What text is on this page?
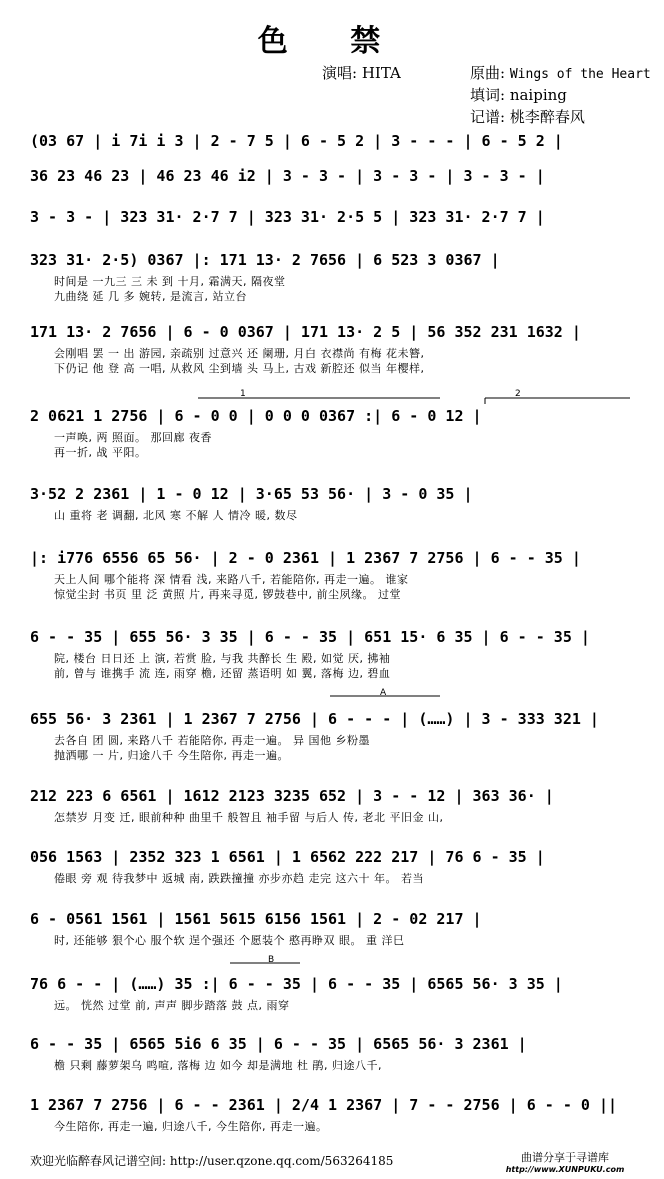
色 禁
演唱: HITA	原曲: Wings of the Heart
填词: naiping
记谱: 桃李醉春风
(03 67 | i 7i i 3 | 2 - 7 5 | 6 - 5 2 | 3 - - - | 6 - 5 2 |
36 23 46 23 | 46 23 46 i2 | 3 - 3 - | 3 - 3 - | 3 - 3 - |
3 - 3 - | 323 31· 2·7 7 | 323 31· 2·5 5 | 323 31· 2·7 7 |
323 31· 2·5) 0367 |: 171 13· 2 7656 | 6 523 3 0367 |
时间是 一九三 三 未 到 十月, 霜满天, 隔夜堂
九曲绕 延 几 多 婉转, 是流言, 站立台
171 13· 2 7656 | 6 - 0 0367 | 171 13· 2 5 | 56 352 231 1632 |
会刚唱 罢 一 出 游园, 亲疏别 过意兴 还 阑珊, 月白 衣襟尚 有梅 花未簪,
下仍记 他 登 高 一唱, 从救风 尘到墙 头 马上, 古戏 新腔还 似当 年樱样,
2 0621 1 2756 | 6 - 0 0 | 0 0 0 0367 :| 6 - 0 12 |
一声唤, 两 照面。 那回廊 夜香
再一折, 战 平阳。
3·52 2 2361 | 1 - 0 12 | 3·65 53 56· | 3 - 0 35 |
山 重将 老 调翻, 北风 寒 不解 人 情冷 暖, 数尽
|: i776 6556 65 56· | 2 - 0 2361 | 1 2367 7 2756 | 6 - - 35 |
天上人间 哪个能将 深 情看 浅, 来路八千, 若能陪你, 再走一遍。 谁家
惊觉尘封 书页 里 泛 黄照 片, 再来寻觅, 锣鼓巷中, 前尘夙缘。 过堂
6 - - 35 | 655 56· 3 35 | 6 - - 35 | 651 15· 6 35 | 6 - - 35 |
院, 楼台 日日还 上 演, 若赏 脸, 与我 共醉长 生 殿, 如觉 厌, 拂袖
前, 曾与 谁携手 流 连, 雨穿 檐, 还留 蒸语明 如 翼, 落梅 边, 碧血
655 56· 3 2361 | 1 2367 7 2756 | 6 - - - | (……) | 3 - 333 321 |
去各自 团 圆, 来路八千 若能陪你, 再走一遍。 异 国他 乡粉墨
抛洒哪 一 片, 归途八千 今生陪你, 再走一遍。
212 223 6 6561 | 1612 2123 3235 652 | 3 - - 12 | 363 36· |
怎禁岁 月变 迁, 眼前种种 曲里千 般智且 袖手留 与后人 传, 老北 平旧金 山,
056 1563 | 2352 323 1 6561 | 1 6562 222 217 | 76 6 - 35 |
倦眼 旁 观 待我梦中 返城 南, 跌跌撞撞 亦步亦趋 走完 这六十 年。 若当
6 - 0561 1561 | 1561 5615 6156 1561 | 2 - 02 217 |
时, 还能够 狠个心 服个软 逞个强还 个愿装个 憨再睁双 眼。 重 洋巳
76 6 - - | (……) 35 :| 6 - - 35 | 6 - - 35 | 6565 56· 3 35 |
远。 恍然 过堂 前, 声声 脚步踏落 鼓 点, 雨穿
6 - - 35 | 6565 5i6 6 35 | 6 - - 35 | 6565 56· 3 2361 |
檐 只剩 藤萝架乌 鸣喧, 落梅 边 如今 却是满地 杜 鹃, 归途八千,
1 2367 7 2756 | 6 - - 2361 | 2/4 1 2367 | 7 - - 2756 | 6 - - 0 ||
今生陪你, 再走一遍, 归途八千, 今生陪你, 再走一遍。
1	2
A
B
欢迎光临醉春风记谱空间: http://user.qzone.qq.com/563264185	曲谱分享于寻谱库
http://www.XUNPUKU.com
